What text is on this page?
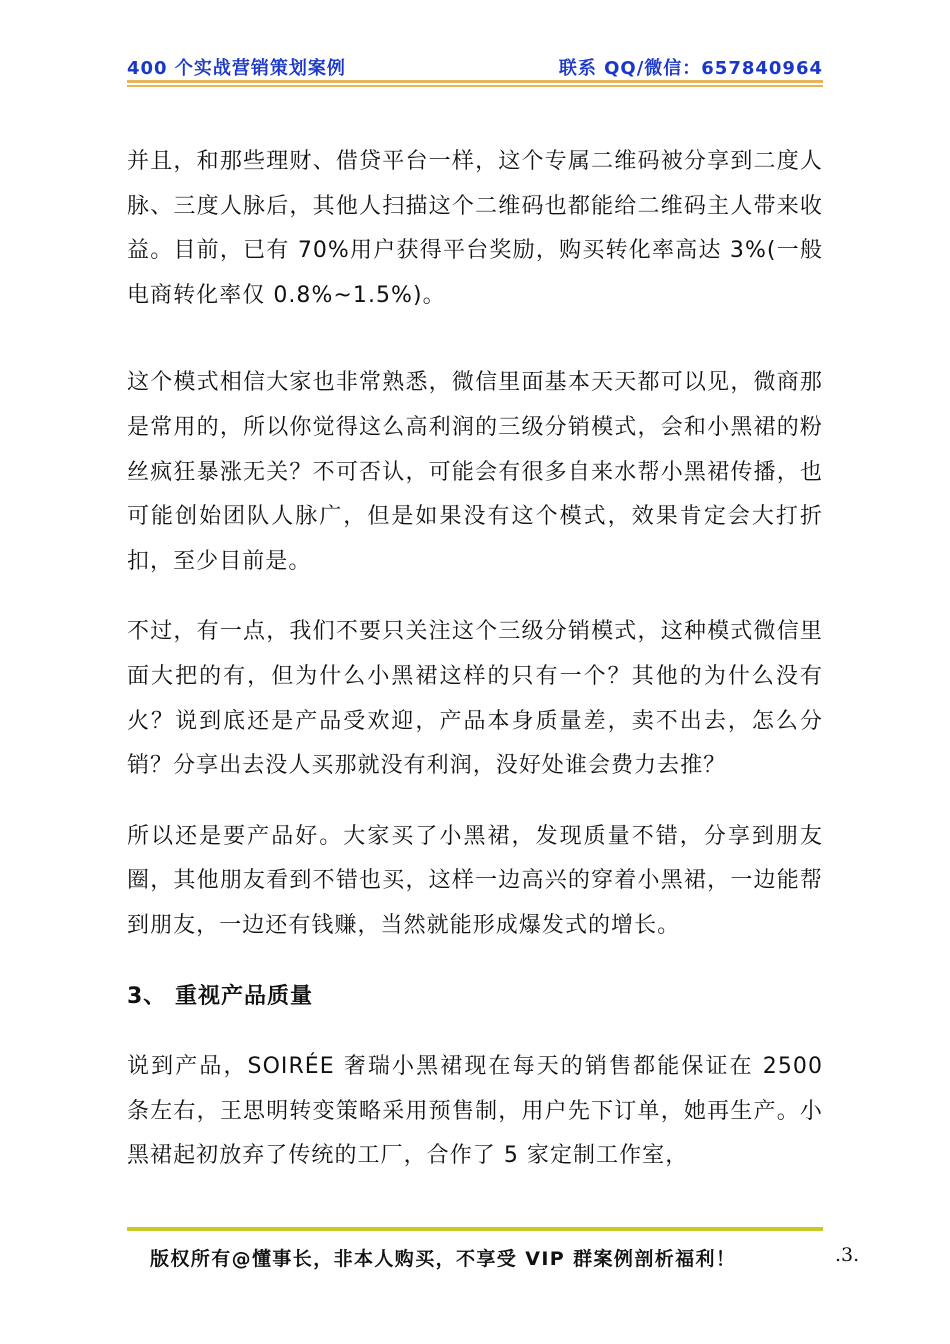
400 个实战营销策划案例	联系 QQ/微信：657840964

并且，和那些理财、借贷平台一样，这个专属二维码被分享到二度人脉、三度人脉后，其他人扫描这个二维码也都能给二维码主人带来收益。目前，已有 70%用户获得平台奖励，购买转化率高达 3%(一般电商转化率仅 0.8%~1.5%)。

这个模式相信大家也非常熟悉，微信里面基本天天都可以见，微商那是常用的，所以你觉得这么高利润的三级分销模式，会和小黑裙的粉丝疯狂暴涨无关？不可否认，可能会有很多自来水帮小黑裙传播，也可能创始团队人脉广，但是如果没有这个模式，效果肯定会大打折扣，至少目前是。

不过，有一点，我们不要只关注这个三级分销模式，这种模式微信里面大把的有，但为什么小黑裙这样的只有一个？其他的为什么没有火？说到底还是产品受欢迎，产品本身质量差，卖不出去，怎么分销？分享出去没人买那就没有利润，没好处谁会费力去推？

所以还是要产品好。大家买了小黑裙，发现质量不错，分享到朋友圈，其他朋友看到不错也买，这样一边高兴的穿着小黑裙，一边能帮到朋友，一边还有钱赚，当然就能形成爆发式的增长。

3、 重视产品质量

说到产品，SOIRÉE 奢瑞小黑裙现在每天的销售都能保证在 2500 条左右，王思明转变策略采用预售制，用户先下订单，她再生产。小黑裙起初放弃了传统的工厂，合作了 5 家定制工作室，

版权所有@懂事长，非本人购买，不享受 VIP 群案例剖析福利！	.3.
